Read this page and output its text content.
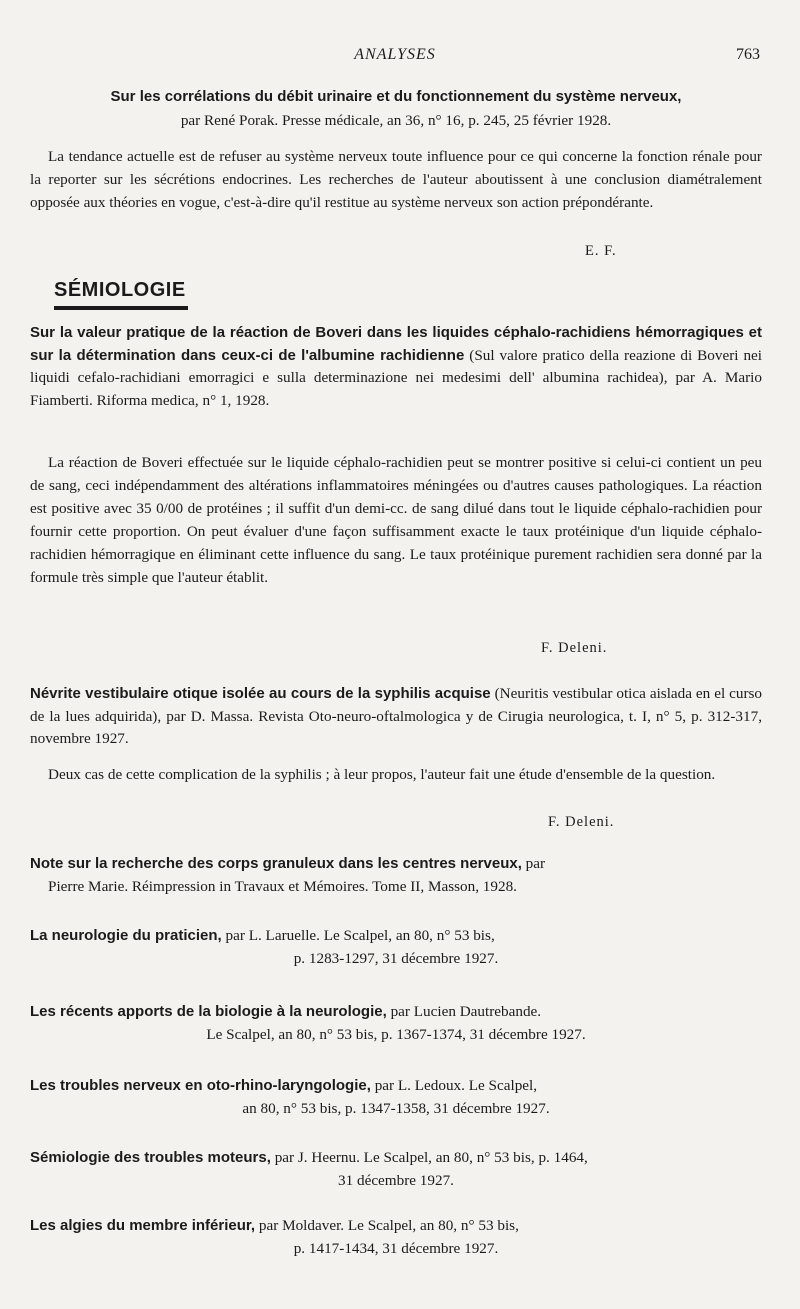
ANALYSES	763
Sur les corrélations du débit urinaire et du fonctionnement du système nerveux,
par René Porak. Presse médicale, an 36, n° 16, p. 245, 25 février 1928.
La tendance actuelle est de refuser au système nerveux toute influence pour ce qui concerne la fonction rénale pour la reporter sur les sécrétions endocrines. Les recherches de l'auteur aboutissent à une conclusion diamétralement opposée aux théories en vogue, c'est-à-dire qu'il restitue au système nerveux son action prépondérante.
E. F.
SÉMIOLOGIE
Sur la valeur pratique de la réaction de Boveri dans les liquides céphalo-rachidiens hémorragiques et sur la détermination dans ceux-ci de l'albumine rachidienne (Sul valore pratico della reazione di Boveri nei liquidi cefalo-rachidiani emorragici e sulla determinazione nei medesimi dell' albumina rachidea), par A. Mario Fiamberti. Riforma medica, n° 1, 1928.
La réaction de Boveri effectuée sur le liquide céphalo-rachidien peut se montrer positive si celui-ci contient un peu de sang, ceci indépendamment des altérations inflammatoires méningées ou d'autres causes pathologiques. La réaction est positive avec 35 0/00 de protéines ; il suffit d'un demi-cc. de sang dilué dans tout le liquide céphalo-rachidien pour fournir cette proportion. On peut évaluer d'une façon suffisamment exacte le taux protéinique d'un liquide céphalo-rachidien hémorragique en éliminant cette influence du sang. Le taux protéinique purement rachidien sera donné par la formule très simple que l'auteur établit.
F. Deleni.
Névrite vestibulaire otique isolée au cours de la syphilis acquise (Neuritis vestibular otica aislada en el curso de la lues adquirida), par D. Massa. Revista Oto-neuro-oftalmologica y de Cirugia neurologica, t. I, n° 5, p. 312-317, novembre 1927.
Deux cas de cette complication de la syphilis ; à leur propos, l'auteur fait une étude d'ensemble de la question.
F. Deleni.
Note sur la recherche des corps granuleux dans les centres nerveux, par
Pierre Marie. Réimpression in Travaux et Mémoires. Tome II, Masson, 1928.
La neurologie du praticien, par L. Laruelle. Le Scalpel, an 80, n° 53 bis,
p. 1283-1297, 31 décembre 1927.
Les récents apports de la biologie à la neurologie, par Lucien Dautrebande.
Le Scalpel, an 80, n° 53 bis, p. 1367-1374, 31 décembre 1927.
Les troubles nerveux en oto-rhino-laryngologie, par L. Ledoux. Le Scalpel,
an 80, n° 53 bis, p. 1347-1358, 31 décembre 1927.
Sémiologie des troubles moteurs, par J. Heernu. Le Scalpel, an 80, n° 53 bis, p. 1464,
31 décembre 1927.
Les algies du membre inférieur, par Moldaver. Le Scalpel, an 80, n° 53 bis,
p. 1417-1434, 31 décembre 1927.
